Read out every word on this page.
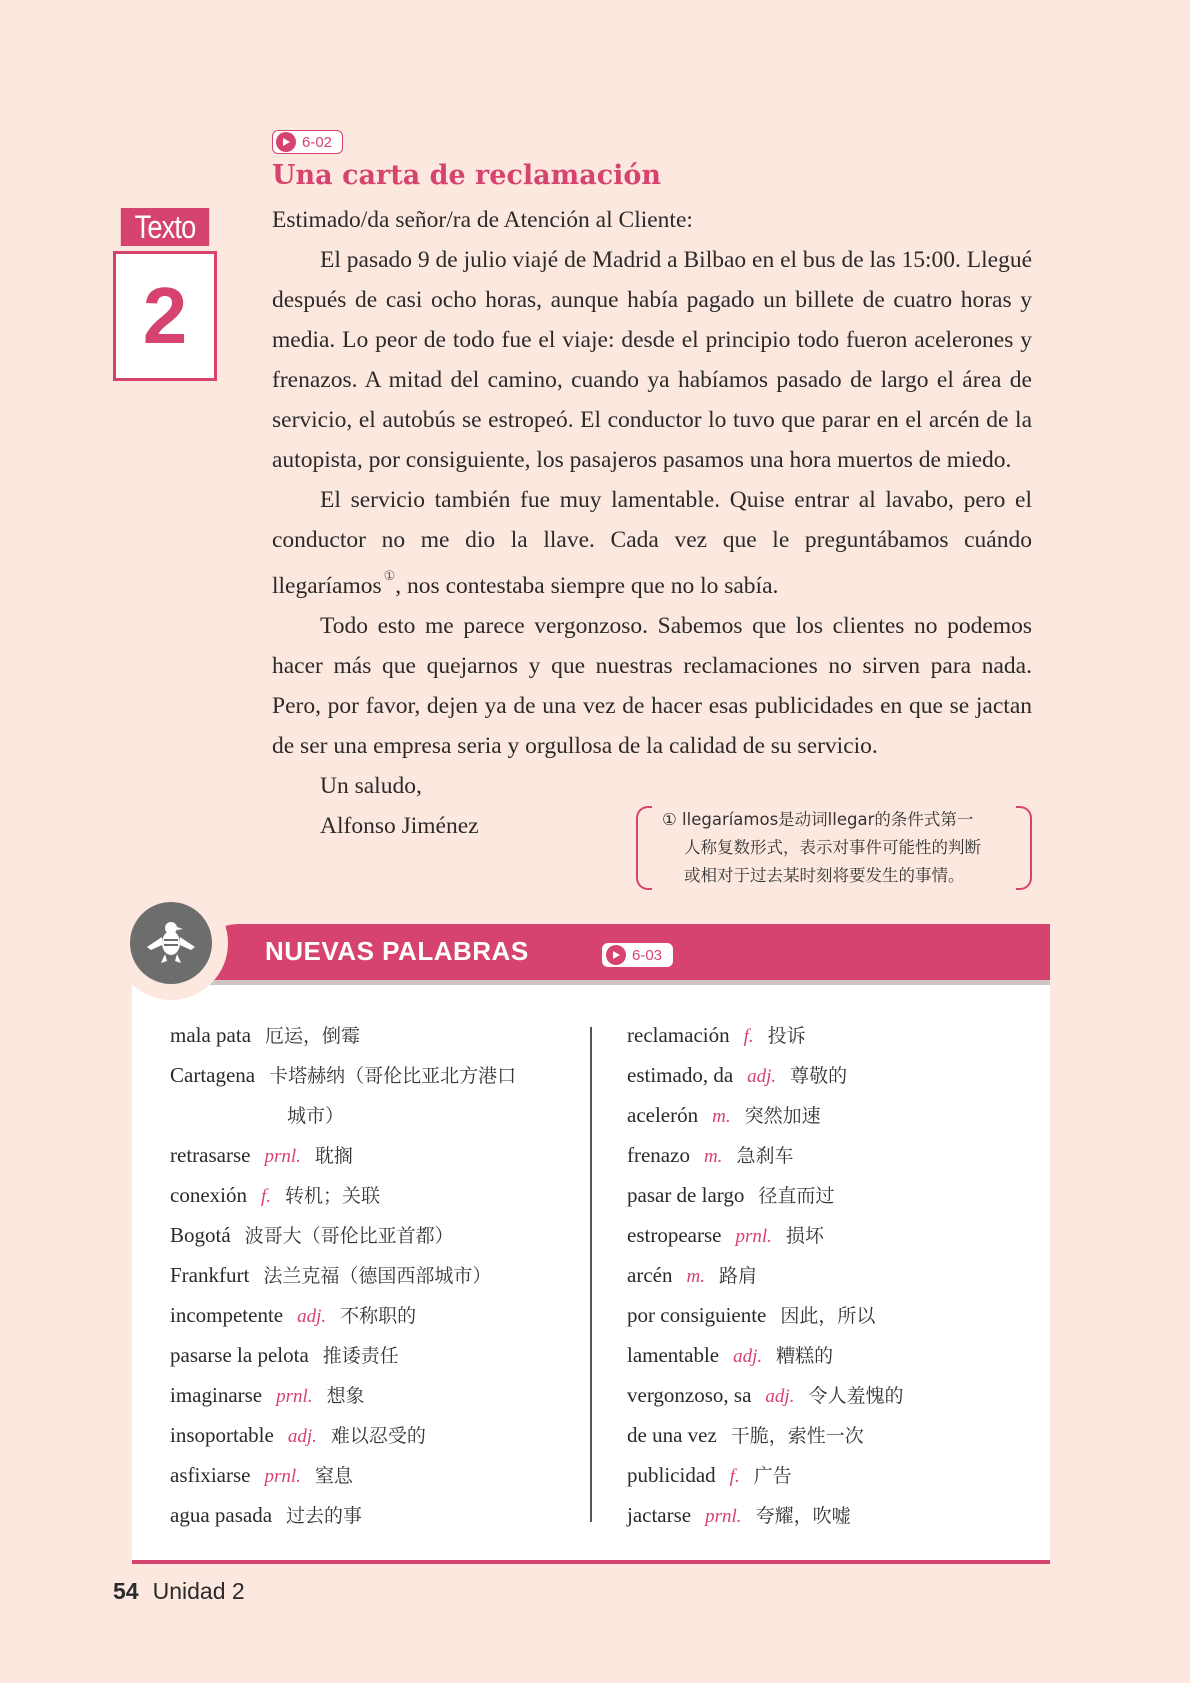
6-02
Texto
2
Una carta de reclamación

Estimado/da señor/ra de Atención al Cliente:

El pasado 9 de julio viajé de Madrid a Bilbao en el bus de las 15:00. Llegué después de casi ocho horas, aunque había pagado un billete de cuatro horas y media. Lo peor de todo fue el viaje: desde el principio todo fueron acelerones y frenazos. A mitad del camino, cuando ya habíamos pasado de largo el área de servicio, el autobús se estropeó. El conductor lo tuvo que parar en el arcén de la autopista, por consiguiente, los pasajeros pasamos una hora muertos de miedo.

El servicio también fue muy lamentable. Quise entrar al lavabo, pero el conductor no me dio la llave. Cada vez que le preguntábamos cuándo llegaríamos ①, nos contestaba siempre que no lo sabía.

Todo esto me parece vergonzoso. Sabemos que los clientes no podemos hacer más que quejarnos y que nuestras reclamaciones no sirven para nada. Pero, por favor, dejen ya de una vez de hacer esas publicidades en que se jactan de ser una empresa seria y orgullosa de la calidad de su servicio.

Un saludo,

Alfonso Jiménez	① llegaríamos是动词llegar的条件式第一
人称复数形式，表示对事件可能性的判断
或相对于过去某时刻将要发生的事情。
NUEVAS PALABRAS	6-03
mala pata 厄运，倒霉
Cartagena 卡塔赫纳（哥伦比亚北方港口
城市）
retrasarse prnl. 耽搁
conexión f. 转机；关联
Bogotá 波哥大（哥伦比亚首都）
Frankfurt 法兰克福（德国西部城市）
incompetente adj. 不称职的
pasarse la pelota 推诿责任
imaginarse prnl. 想象
insoportable adj. 难以忍受的
asfixiarse prnl. 窒息
agua pasada 过去的事
reclamación f. 投诉
estimado, da adj. 尊敬的
acelerón m. 突然加速
frenazo m. 急刹车
pasar de largo 径直而过
estropearse prnl. 损坏
arcén m. 路肩
por consiguiente 因此，所以
lamentable adj. 糟糕的
vergonzoso, sa adj. 令人羞愧的
de una vez 干脆，索性一次
publicidad f. 广告
jactarse prnl. 夸耀，吹嘘
54 Unidad 2
